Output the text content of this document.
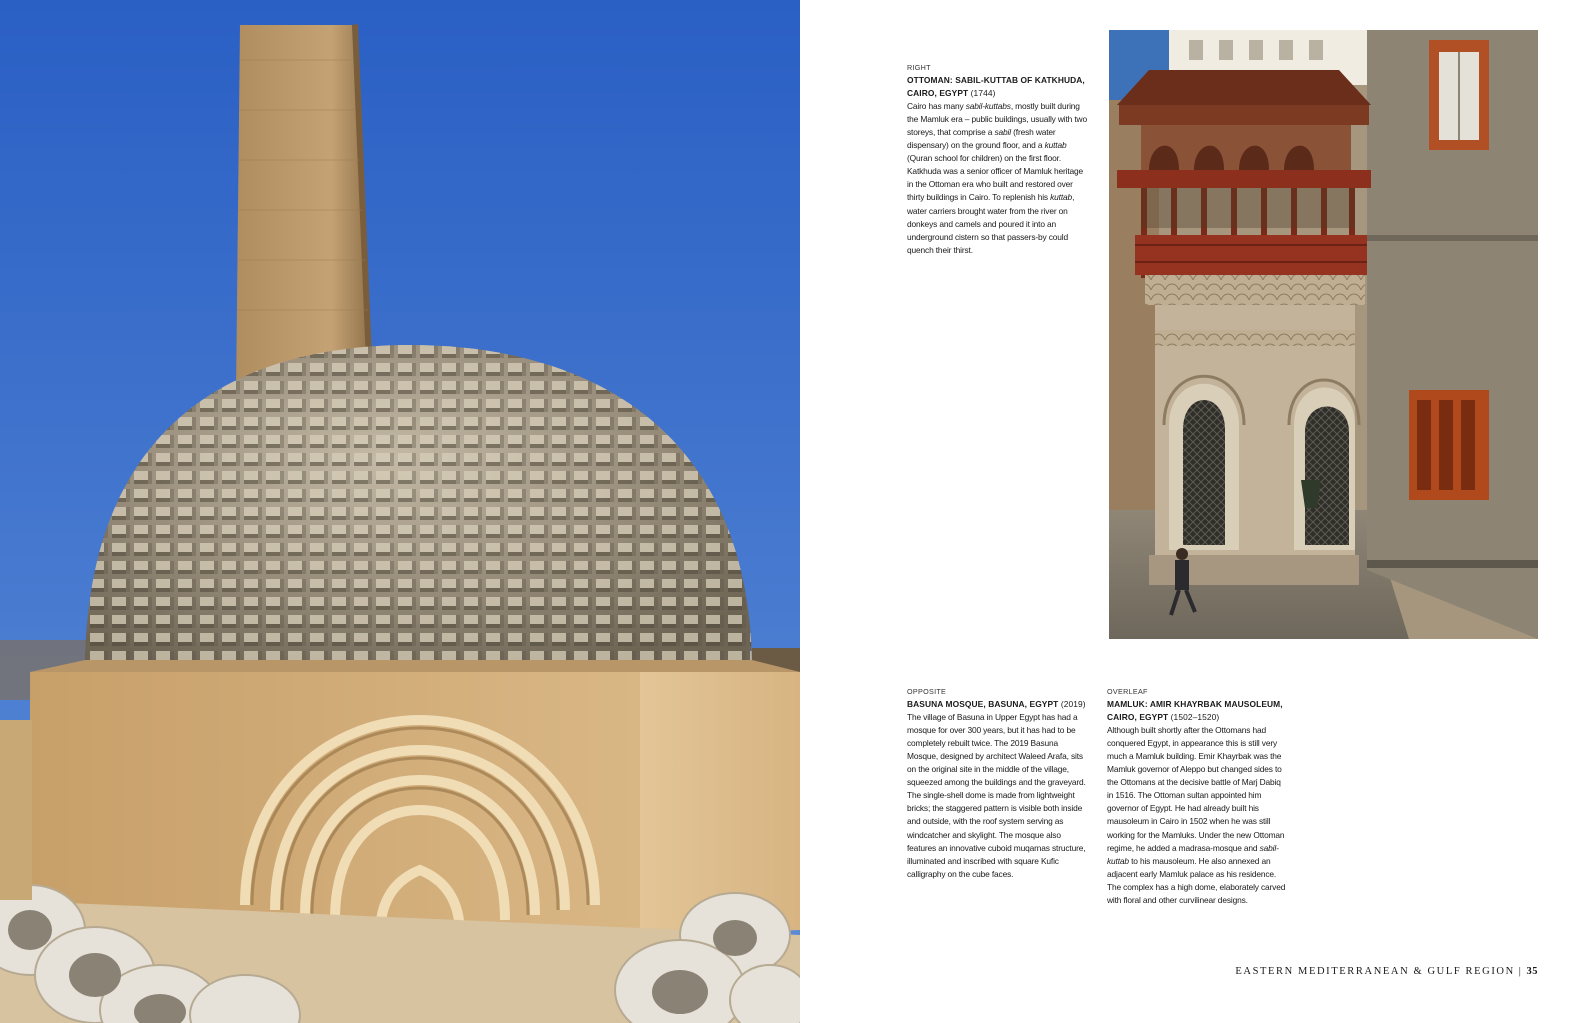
RIGHT
OTTOMAN: SABIL-KUTTAB OF KATKHUDA, CAIRO, EGYPT (1744)

Cairo has many sabil-kuttabs, mostly built during the Mamluk era – public buildings, usually with two storeys, that comprise a sabil (fresh water dispensary) on the ground floor, and a kuttab (Quran school for children) on the first floor. Katkhuda was a senior officer of Mamluk heritage in the Ottoman era who built and restored over thirty buildings in Cairo. To replenish his kuttab, water carriers brought water from the river on donkeys and camels and poured it into an underground cistern so that passers-by could quench their thirst.

OPPOSITE
BASUNA MOSQUE, BASUNA, EGYPT (2019)

The village of Basuna in Upper Egypt has had a mosque for over 300 years, but it has had to be completely rebuilt twice. The 2019 Basuna Mosque, designed by architect Waleed Arafa, sits on the original site in the middle of the village, squeezed among the buildings and the graveyard. The single-shell dome is made from lightweight bricks; the staggered pattern is visible both inside and outside, with the roof system serving as windcatcher and skylight. The mosque also features an innovative cuboid muqarnas structure, illuminated and inscribed with square Kufic calligraphy on the cube faces.

OVERLEAF
MAMLUK: AMIR KHAYRBAK MAUSOLEUM, CAIRO, EGYPT (1502–1520)

Although built shortly after the Ottomans had conquered Egypt, in appearance this is still very much a Mamluk building. Emir Khayrbak was the Mamluk governor of Aleppo but changed sides to the Ottomans at the decisive battle of Marj Dabiq in 1516. The Ottoman sultan appointed him governor of Egypt. He had already built his mausoleum in Cairo in 1502 when he was still working for the Mamluks. Under the new Ottoman regime, he added a madrasa-mosque and sabil-kuttab to his mausoleum. He also annexed an adjacent early Mamluk palace as his residence. The complex has a high dome, elaborately carved with floral and other curvilinear designs.

EASTERN MEDITERRANEAN & GULF REGION | 35
